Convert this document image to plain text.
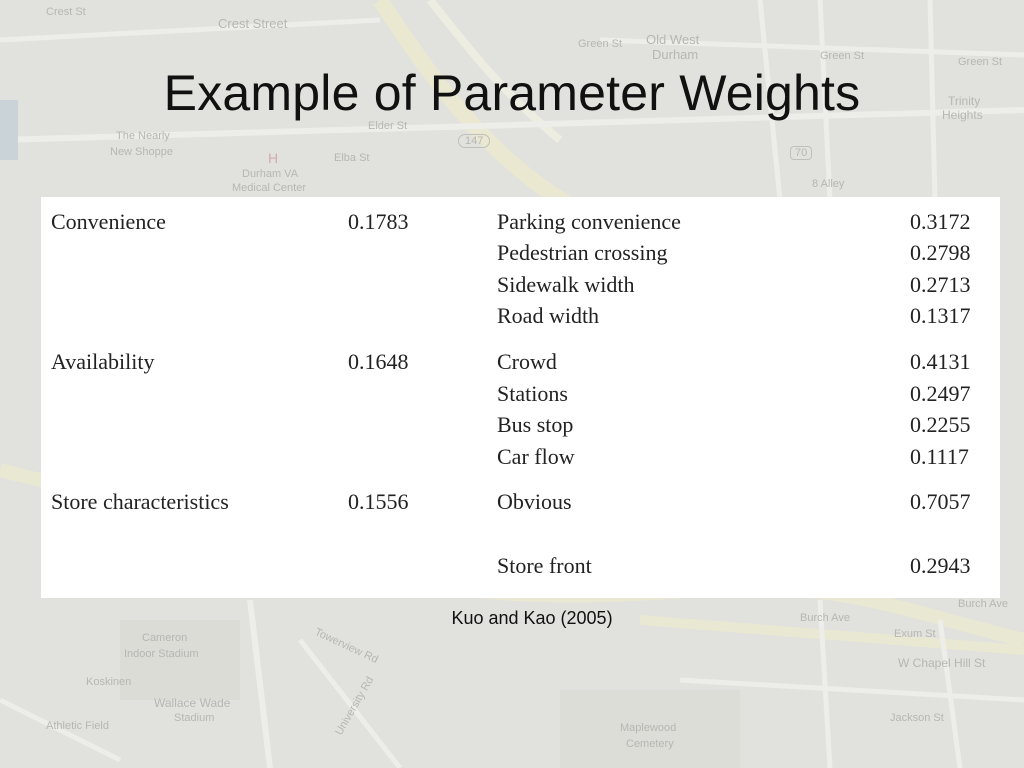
Crest St
Crest Street
Green St Old West
Durham	Green St	Green St
Trinity
Heights
The Nearly
New Shoppe
Elder St
Elba St
H
Durham VA
Medical Center
147
70
8 Alley
Burch Ave
Burch Ave
Exum St
W Chapel Hill St
Cameron
Indoor Stadium
Koskinen
Wallace Wade
Stadium
Athletic Field	Maplewood
Cemetery
Jackson St
Towerview Rd
University Rd
Example of Parameter Weights
Convenience	0.1783	Parking convenience	0.3172
Pedestrian crossing	0.2798
Sidewalk width	0.2713
Road width	0.1317
Availability	0.1648	Crowd	0.4131
Stations	0.2497
Bus stop	0.2255
Car flow	0.1117
Store characteristics	0.1556	Obvious	0.7057
Store front	0.2943
Kuo and Kao (2005)
